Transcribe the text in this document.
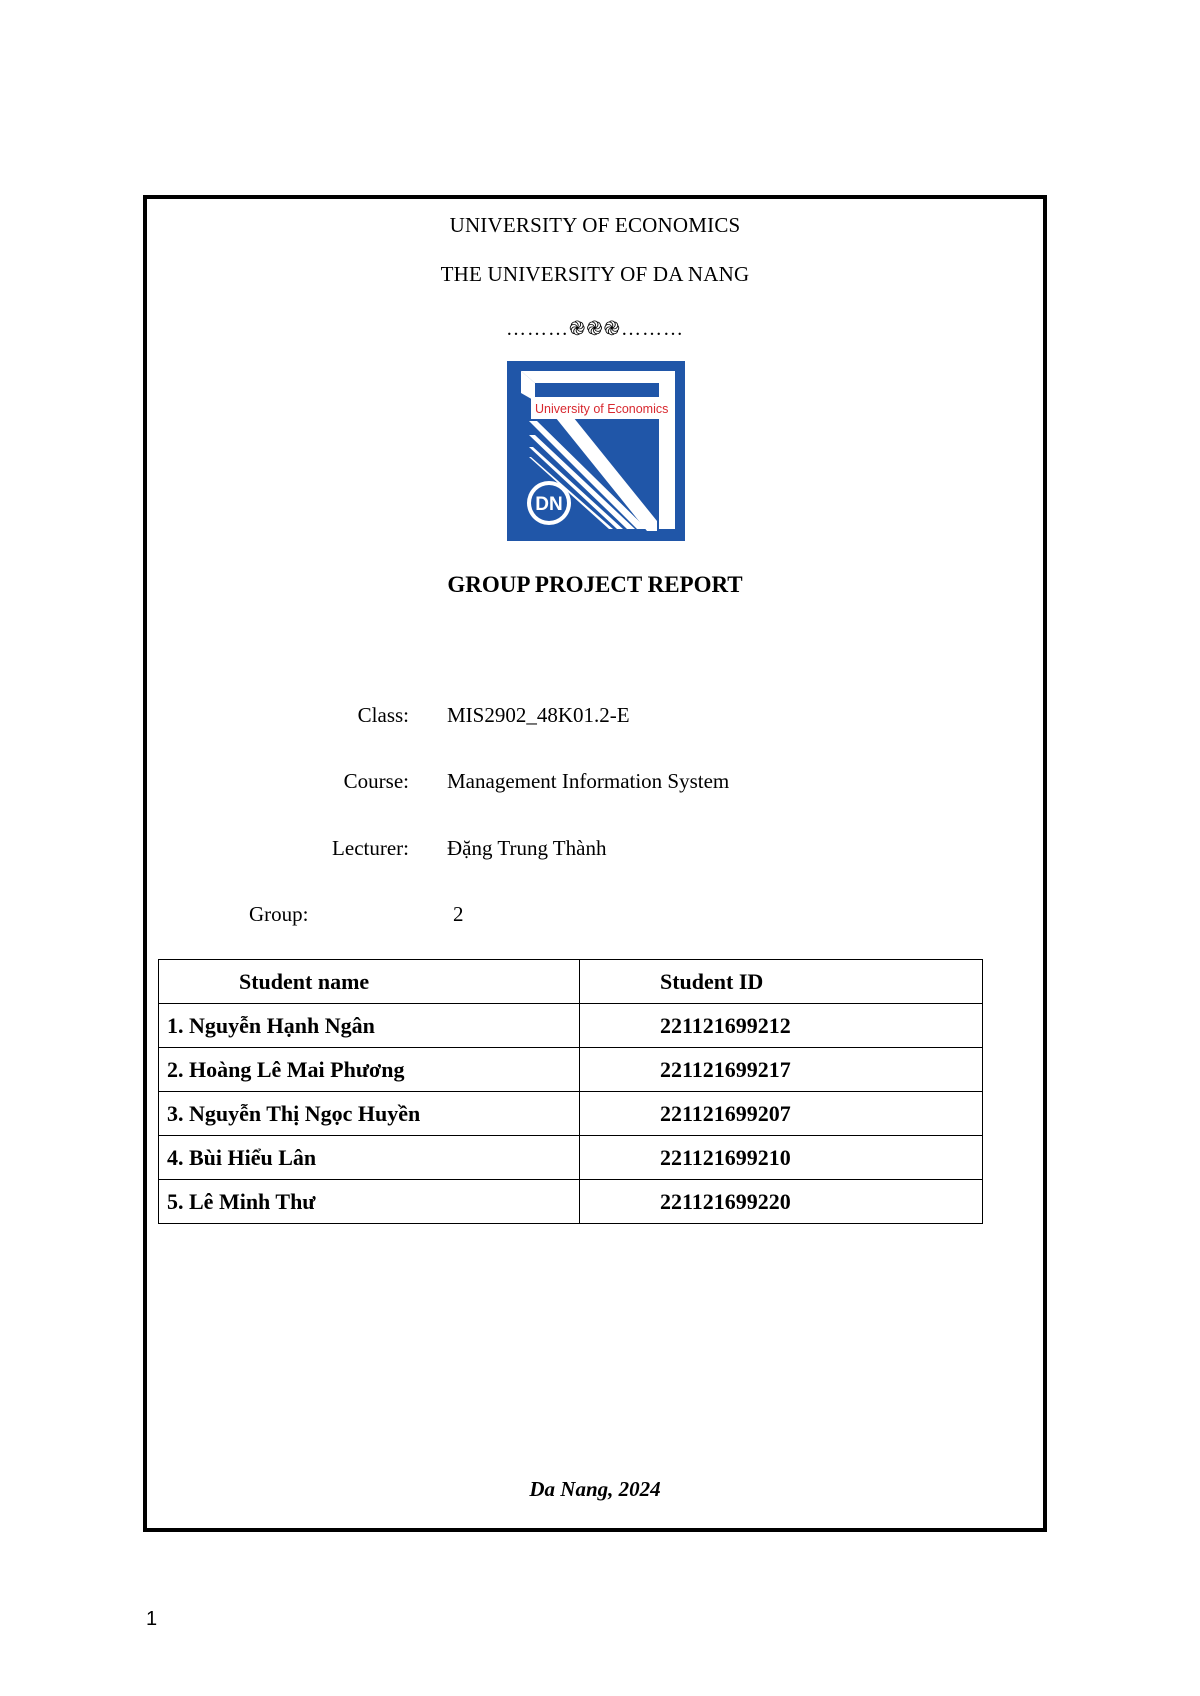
UNIVERSITY OF ECONOMICS
THE UNIVERSITY OF DA NANG
………֎֎֎………
University of Economics
DN
GROUP PROJECT REPORT
Class: MIS2902_48K01.2-E
Course: Management Information System
Lecturer: Đặng Trung Thành
Group:	2
Student name	Student ID
1. Nguyễn Hạnh Ngân	221121699212
2. Hoàng Lê Mai Phương	221121699217
3. Nguyễn Thị Ngọc Huyền	221121699207
4. Bùi Hiểu Lân	221121699210
5. Lê Minh Thư	221121699220
Da Nang, 2024
1
